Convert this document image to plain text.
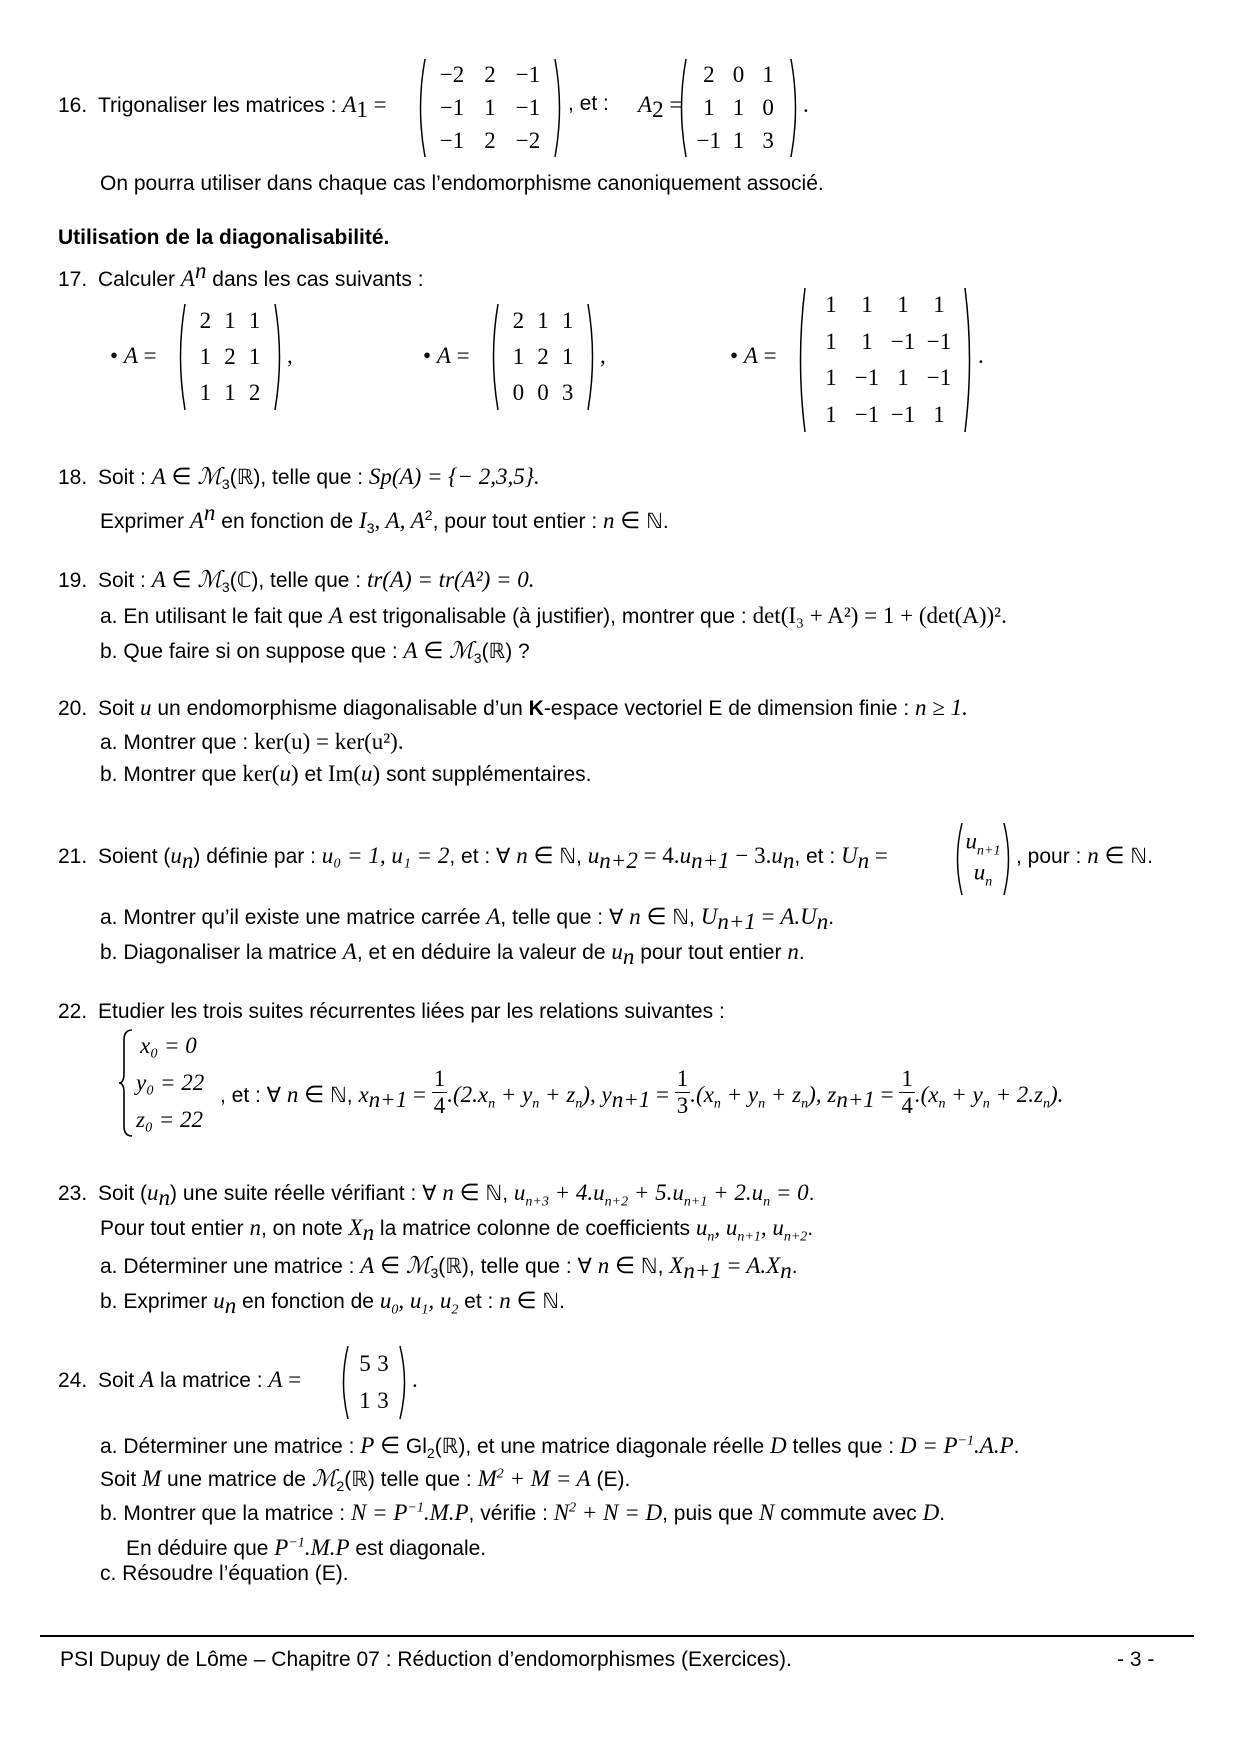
16. Trigonaliser les matrices : $A_1$ =
−2 2 −1
−1 1 −1
−1 2 −2
, et : $A_2$ =
2 0 1
1 1 0
−1 1 3
.
On pourra utiliser dans chaque cas l’endomorphisme canoniquement associé.
Utilisation de la diagonalisabilité.
17. Calculer $A^n$ dans les cas suivants :
• A =
2 1 1
1 2 1
1 1 2
,	• A =
2 1 1
1 2 1
0 0 3
,	• A =
1 1 1 1
1 1 −1 −1
1 −1 1 −1
1 −1 −1 1
.
18. Soit : A ∈ ℳ$_3$(ℝ), telle que : Sp(A) = {− 2,3,5}.
Exprimer $A^n$ en fonction de $I_3$, A, $A^2$, pour tout entier : n ∈ ℕ.
19. Soit : A ∈ ℳ$_3$(ℂ), telle que : tr(A) = tr(A²) = 0.
a. En utilisant le fait que A est trigonalisable (à justifier), montrer que : det(I₃ + A²) = 1 + (det(A))².
b. Que faire si on suppose que : A ∈ ℳ$_3$(ℝ) ?
20. Soit u un endomorphisme diagonalisable d’un K-espace vectoriel E de dimension finie : n ≥ 1.
a. Montrer que : ker(u) = ker(u²).
b. Montrer que ker(u) et Im(u) sont supplémentaires.
21. Soient $(u_n)$ définie par : u₀ = 1, u₁ = 2, et : ∀ n ∈ ℕ, $u_{n+2} = 4.u_{n+1} - 3.u_n$, et : $U_n$ =
$u_{n+1}$
$u_n$
, pour : n ∈ ℕ.
a. Montrer qu’il existe une matrice carrée A, telle que : ∀ n ∈ ℕ, $U_{n+1} = A.U_n$.
b. Diagonaliser la matrice A, et en déduire la valeur de $u_n$ pour tout entier n.
22. Etudier les trois suites récurrentes liées par les relations suivantes :
x₀ = 0
y₀ = 22
z₀ = 22
, et : ∀ n ∈ ℕ, $x_{n+1} = \frac{1}{4} .(2.x_n + y_n + z_n)$, $y_{n+1} = \frac{1}{3} .(x_n + y_n + z_n)$, $z_{n+1} = \frac{1}{4} .(x_n + y_n + 2.z_n)$.
23. Soit $(u_n)$ une suite réelle vérifiant : ∀ n ∈ ℕ, $u_{n+3} + 4.u_{n+2} + 5.u_{n+1} + 2.u_n = 0$.
Pour tout entier n, on note $X_n$ la matrice colonne de coefficients $u_n$, $u_{n+1}$, $u_{n+2}$.
a. Déterminer une matrice : A ∈ ℳ$_3$(ℝ), telle que : ∀ n ∈ ℕ, $X_{n+1} = A.X_n$.
b. Exprimer $u_n$ en fonction de $u_0$, $u_1$, $u_2$ et : n ∈ ℕ.
24. Soit A la matrice : A =
5 3
1 3
.
a. Déterminer une matrice : P ∈ $Gl_2(ℝ)$, et une matrice diagonale réelle D telles que : $D = P^{-1}.A.P$.
Soit M une matrice de ℳ$_2$(ℝ) telle que : $M^2 + M = A$ (E).
b. Montrer que la matrice : $N = P^{-1}.M.P$, vérifie : $N^2 + N = D$, puis que N commute avec D.
En déduire que $P^{-1}.M.P$ est diagonale.
c. Résoudre l’équation (E).
PSI Dupuy de Lôme – Chapitre 07 : Réduction d’endomorphismes (Exercices).	- 3 -
